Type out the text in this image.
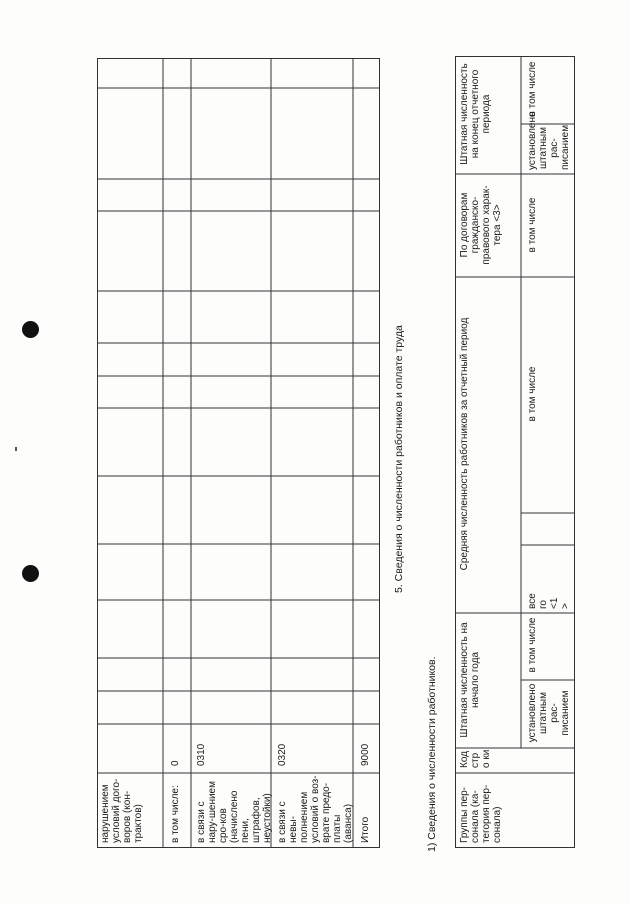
нарушением условий дого-воров (кон-трактов)	в том числе:
0
в связи с нару-шением сро-ков (начислено пени, штрафов, неустойки)
0310
в связи с невы-полнением условий о воз-врате предо-платы (аванса)
0320
Итого
9000
5. Сведения о численности работников и оплате труда
1) Сведения о численности работников. Группы пер-сонала (ка-тегория пер-сонала)
Код стро ки
Штатная численность на начало года
Средняя численность работников за отчетный период
По договорам гражданско-правового харак-тера <3>
Штатная численность на конец отчетного периода
установлено штатным рас-писанием
в том числе
все го <1>
в том числе
в том числе
установлено штатным рас-писанием
в том числе
